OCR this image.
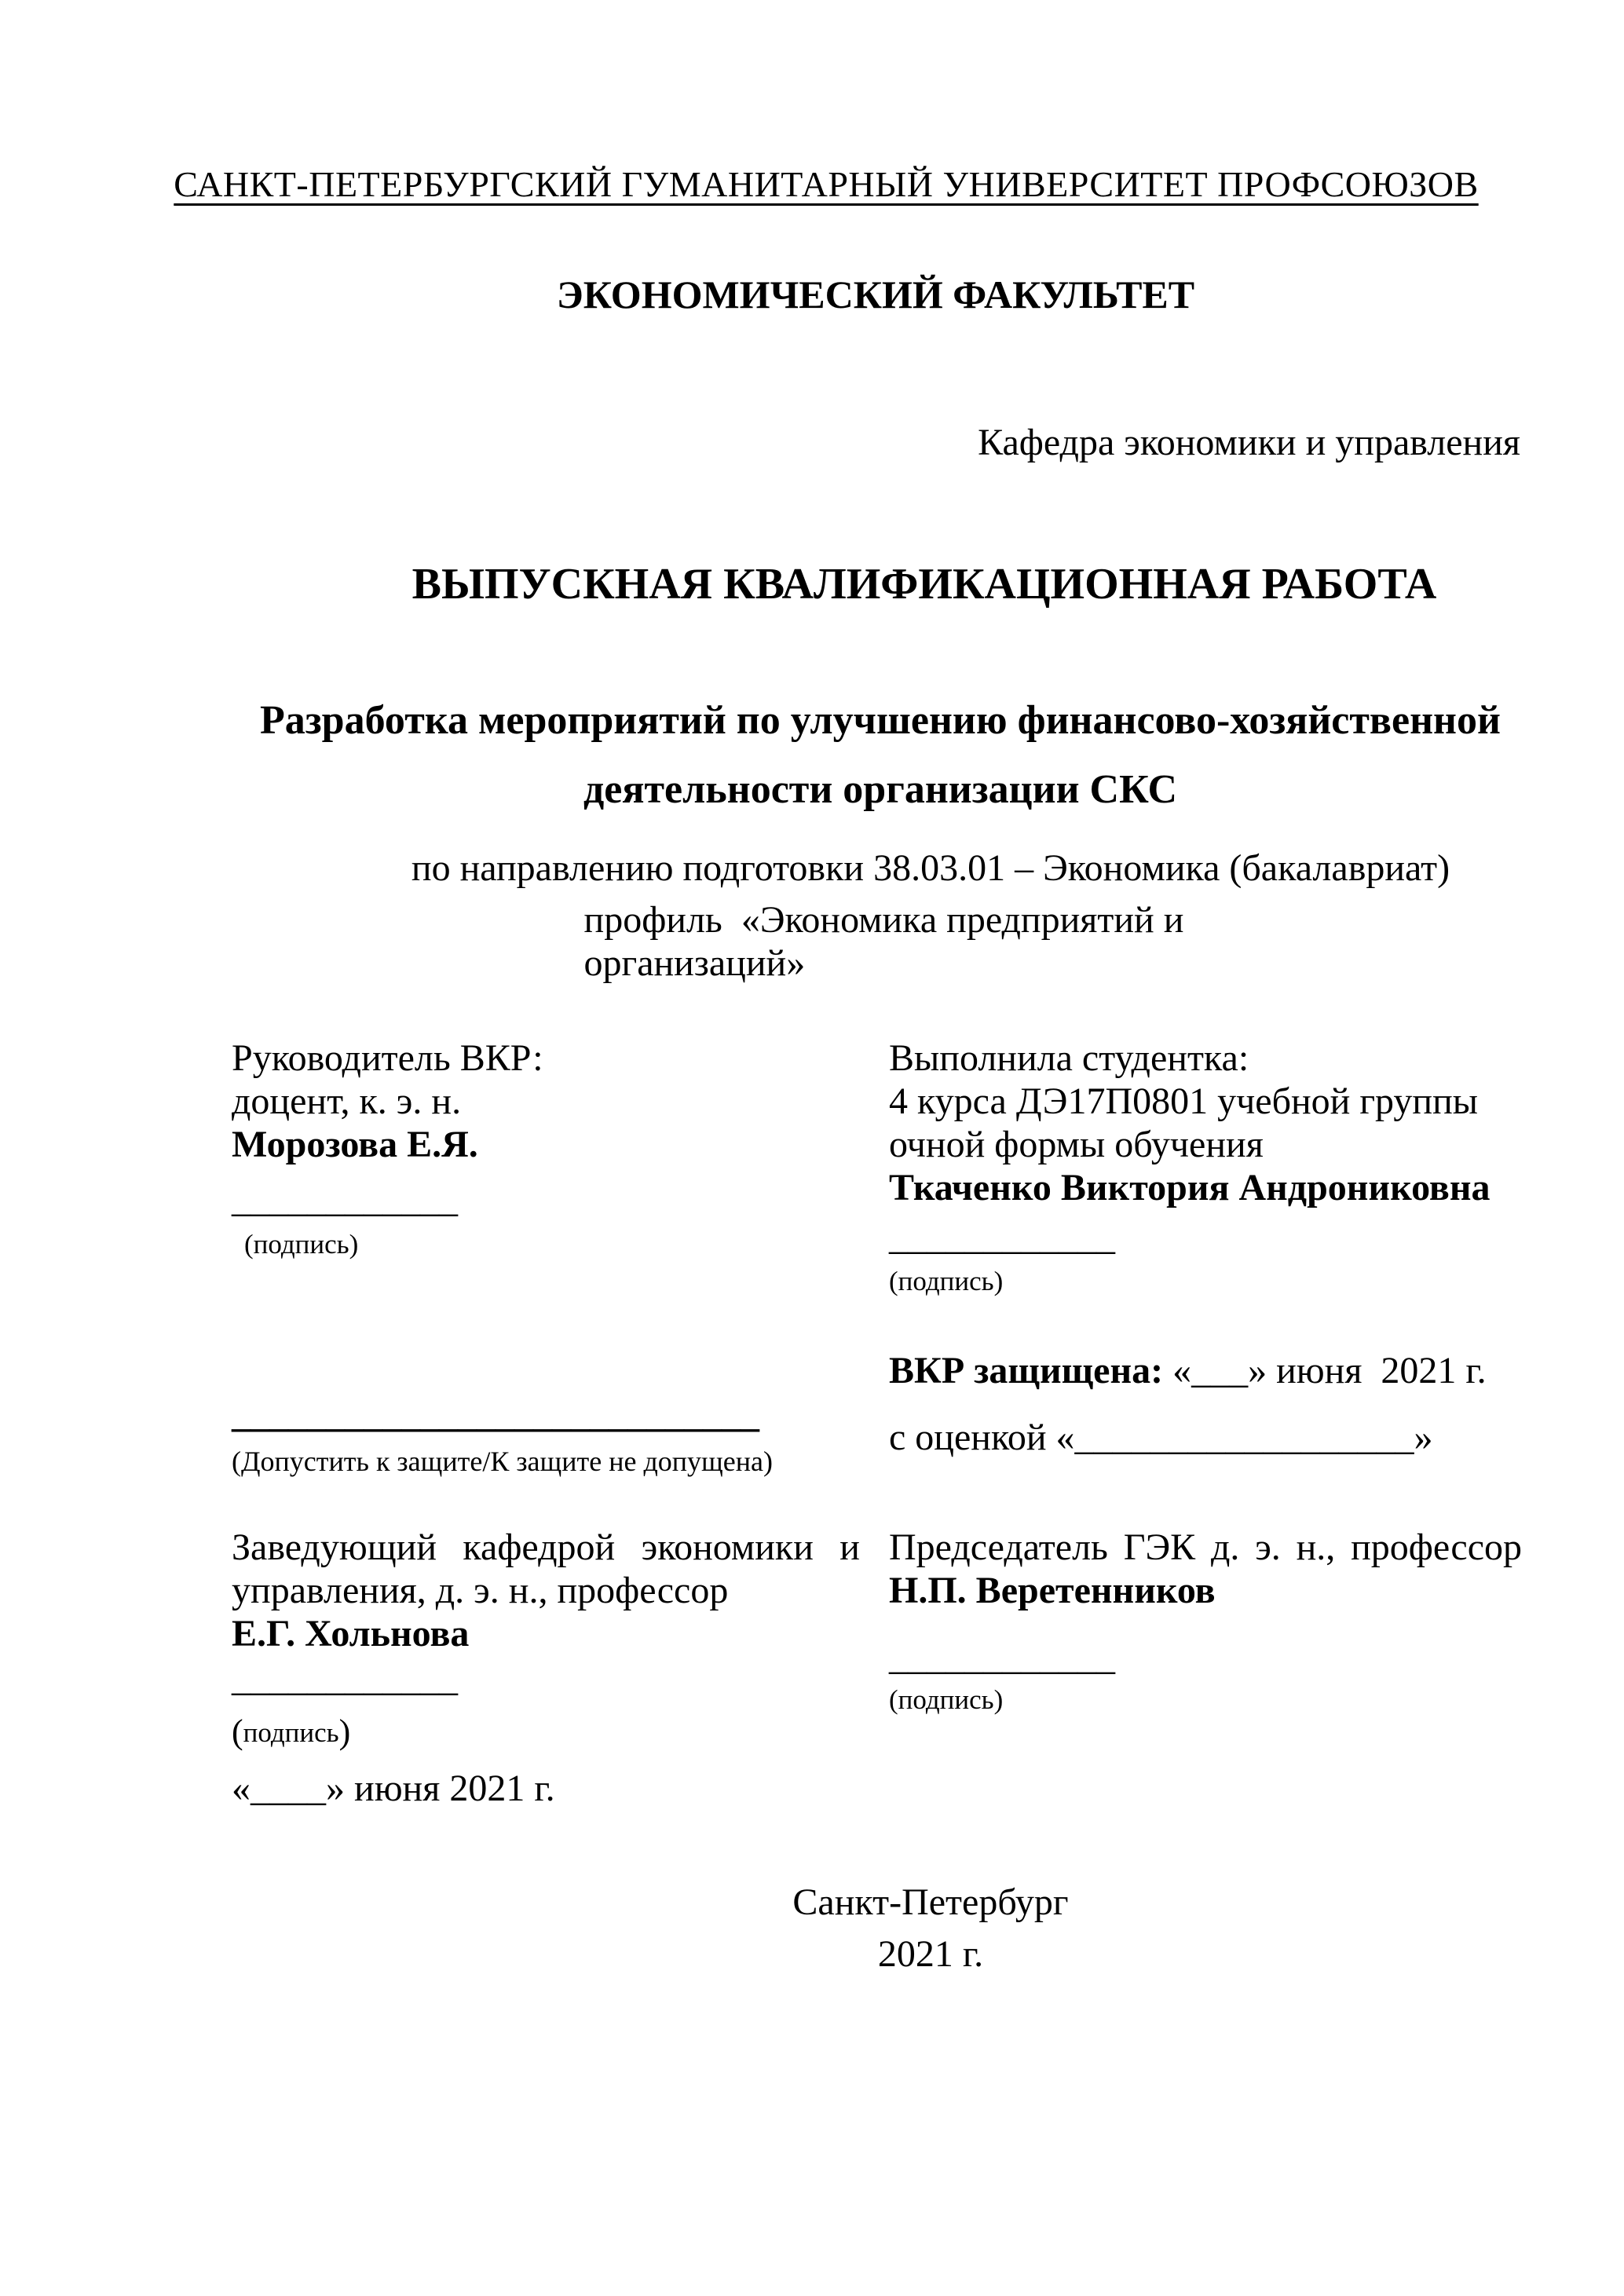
САНКТ-ПЕТЕРБУРГСКИЙ ГУМАНИТАРНЫЙ УНИВЕРСИТЕТ ПРОФСОЮЗОВ
ЭКОНОМИЧЕСКИЙ ФАКУЛЬТЕТ
Кафедра экономики и управления
ВЫПУСКНАЯ КВАЛИФИКАЦИОННАЯ РАБОТА
Разработка мероприятий по улучшению финансово-хозяйственной
деятельности организации СКС
по направлению подготовки 38.03.01 – Экономика (бакалавриат)
профиль  «Экономика предприятий и организаций»
Руководитель ВКР:
доцент, к. э. н.
Морозова Е.Я.
____________
(подпись)
Выполнила студентка:
4 курса ДЭ17П0801 учебной группы
очной формы обучения
Ткаченко Виктория Андрониковна
____________
(подпись)
ВКР защищена: «___» июня  2021 г.
с оценкой «__________________»
____________________________
(Допустить к защите/К защите не допущена)
Заведующий кафедрой экономики и
управления, д. э. н., профессор
Е.Г. Хольнова
____________
(подпись)
«____» июня 2021 г.
Председатель ГЭК д. э. н., профессор
Н.П. Веретенников
____________
(подпись)
Санкт-Петербург
2021 г.
